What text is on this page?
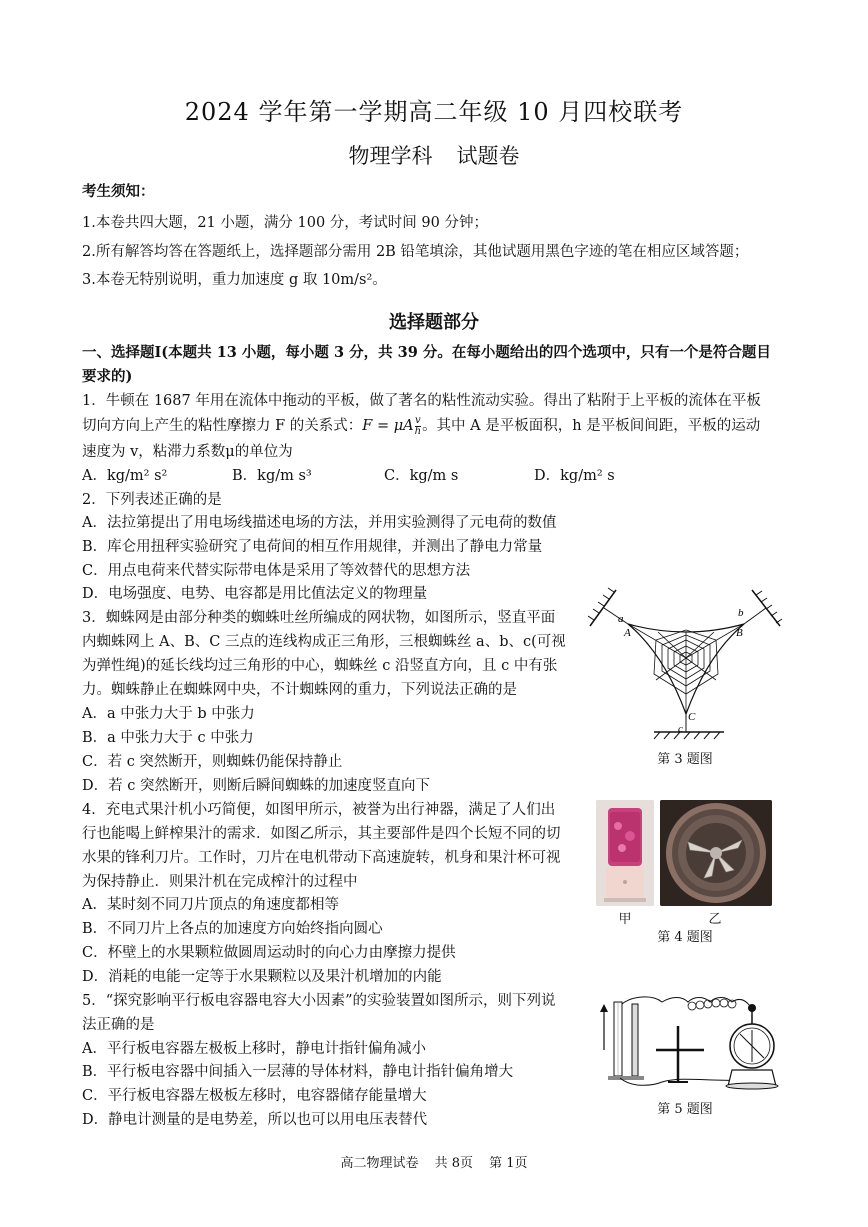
2024 学年第一学期高二年级 10 月四校联考
物理学科 试题卷
考生须知：
1.本卷共四大题，21 小题，满分 100 分，考试时间 90 分钟；
2.所有解答均答在答题纸上，选择题部分需用 2B 铅笔填涂，其他试题用黑色字迹的笔在相应区域答题；
3.本卷无特别说明，重力加速度 g 取 10m/s²。
选择题部分
一、选择题I(本题共 13 小题，每小题 3 分，共 39 分。在每小题给出的四个选项中，只有一个是符合题目
要求的)
1．牛顿在 1687 年用在流体中拖动的平板，做了著名的粘性流动实验。得出了粘附于上平板的流体在平板
切向方向上产生的粘性摩擦力 F 的关系式：F = μA $\frac{v}{h}$ 。其中 A 是平板面积，h 是平板间间距，平板的运动
速度为 v，粘滞力系数μ的单位为
A．kg/m² s²	B．kg/m s³	C．kg/m s	D．kg/m² s
2．下列表述正确的是
A．法拉第提出了用电场线描述电场的方法，并用实验测得了元电荷的数值
B．库仑用扭秤实验研究了电荷间的相互作用规律，并测出了静电力常量
C．用点电荷来代替实际带电体是采用了等效替代的思想方法
D．电场强度、电势、电容都是用比值法定义的物理量
3．蜘蛛网是由部分种类的蜘蛛吐丝所编成的网状物，如图所示，竖直平面
内蜘蛛网上 A、B、C 三点的连线构成正三角形，三根蜘蛛丝 a、b、c(可视
为弹性绳)的延长线均过三角形的中心，蜘蛛丝 c 沿竖直方向，且 c 中有张
力。蜘蛛静止在蜘蛛网中央，不计蜘蛛网的重力，下列说法正确的是
A．a 中张力大于 b 中张力
B．a 中张力大于 c 中张力
C．若 c 突然断开，则蜘蛛仍能保持静止
D．若 c 突然断开，则断后瞬间蜘蛛的加速度竖直向下
a
A
b
B
C
c
第 3 题图
4．充电式果汁机小巧简便，如图甲所示，被誉为出行神器，满足了人们出
行也能喝上鲜榨果汁的需求．如图乙所示，其主要部件是四个长短不同的切
水果的锋利刀片。工作时，刀片在电机带动下高速旋转，机身和果汁杯可视
为保持静止．则果汁机在完成榨汁的过程中
A．某时刻不同刀片顶点的角速度都相等
B．不同刀片上各点的加速度方向始终指向圆心
C．杯壁上的水果颗粒做圆周运动时的向心力由摩擦力提供
D．消耗的电能一定等于水果颗粒以及果汁机增加的内能
甲	乙
第 4 题图
5．“探究影响平行板电容器电容大小因素”的实验装置如图所示，则下列说
法正确的是
A．平行板电容器左极板上移时，静电计指针偏角减小
B．平行板电容器中间插入一层薄的导体材料，静电计指针偏角增大
C．平行板电容器左极板左移时，电容器储存能量增大
D．静电计测量的是电势差，所以也可以用电压表替代
第 5 题图
高二物理试卷 共 8页 第 1页
